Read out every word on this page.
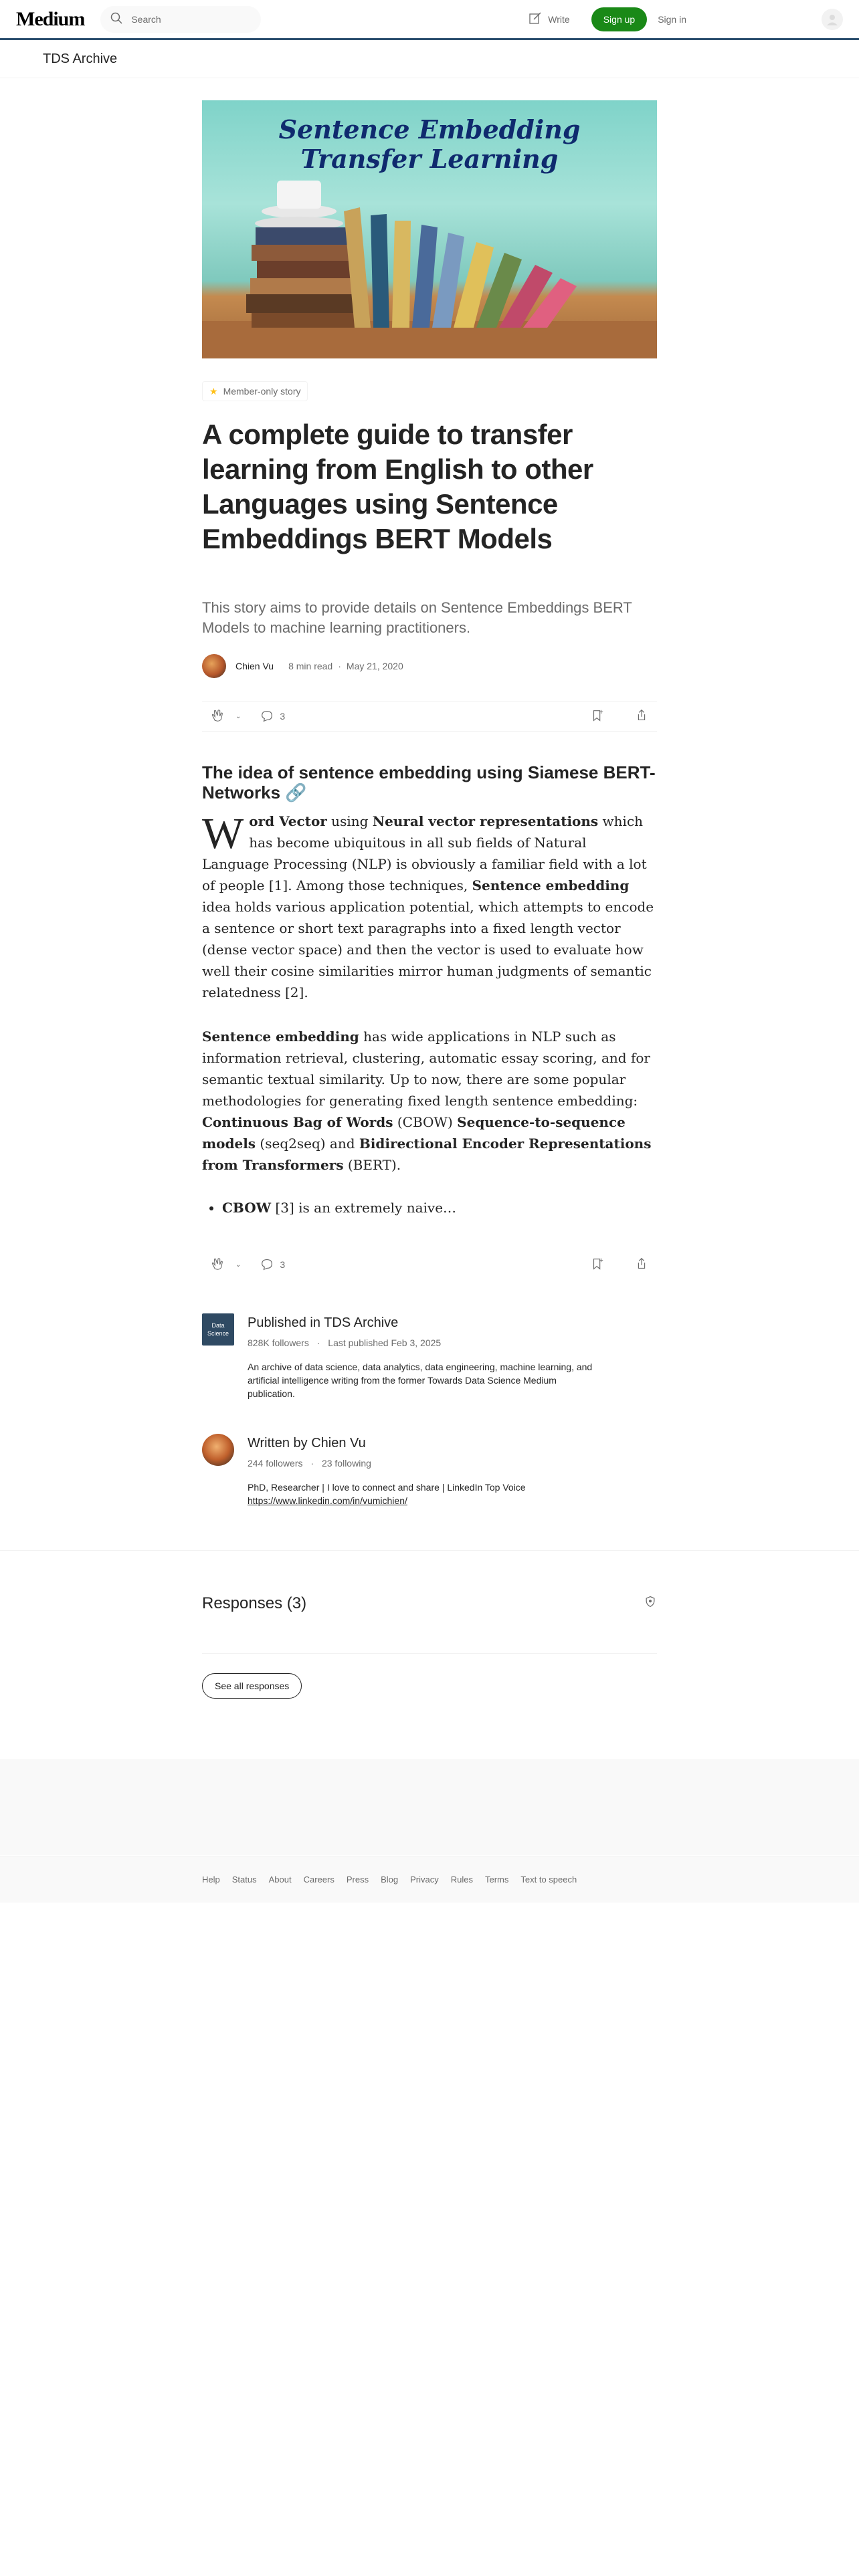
Medium	Search	Write	Sign up	Sign in
TDS Archive
Sentence Embedding
Transfer Learning
★ Member-only story
A complete guide to transfer learning from English to other Languages using Sentence Embeddings BERT Models
This story aims to provide details on Sentence Embeddings BERT Models to machine learning practitioners.
Chien Vu 8 min read · May 21, 2020
⌄	3
The idea of sentence embedding using Siamese BERT-Networks 🔗

Word Vector using Neural vector representations which has become ubiquitous in all sub fields of Natural Language Processing (NLP) is obviously a familiar field with a lot of people [1]. Among those techniques, Sentence embedding idea holds various application potential, which attempts to encode a sentence or short text paragraphs into a fixed length vector (dense vector space) and then the vector is used to evaluate how well their cosine similarities mirror human judgments of semantic relatedness [2].

Sentence embedding has wide applications in NLP such as information retrieval, clustering, automatic essay scoring, and for semantic textual similarity. Up to now, there are some popular methodologies for generating fixed length sentence embedding: Continuous Bag of Words (CBOW) Sequence-to-sequence models (seq2seq) and Bidirectional Encoder Representations from Transformers (BERT).

• CBOW [3] is an extremely naive…
⌄	3
Data Science
Published in TDS Archive
828K followers · Last published Feb 3, 2025
An archive of data science, data analytics, data engineering, machine learning, and artificial intelligence writing from the former Towards Data Science Medium publication.
Written by Chien Vu
244 followers · 23 following
PhD, Researcher | I love to connect and share | LinkedIn Top Voice
https://www.linkedin.com/in/vumichien/
Responses (3)
See all responses
Help Status About Careers Press Blog Privacy Rules Terms Text to speech
